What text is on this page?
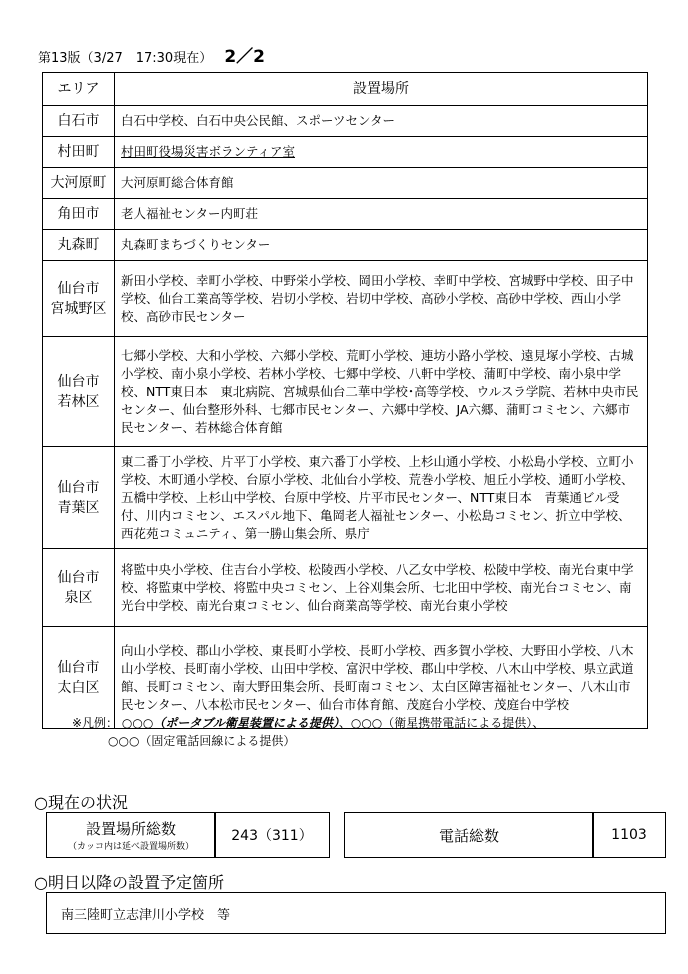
第13版（3/27　17:30現在） 2／2
エリア	設置場所
白石市	白石中学校、白石中央公民館、スポーツセンター
村田町	村田町役場災害ボランティア室
大河原町	大河原町総合体育館
角田市	老人福祉センター内町荘
丸森町	丸森町まちづくりセンター
仙台市
宮城野区	新田小学校、幸町小学校、中野栄小学校、岡田小学校、幸町中学校、宮城野中学校、田子中学校、仙台工業高等学校、岩切小学校、岩切中学校、高砂小学校、高砂中学校、西山小学校、高砂市民センター
仙台市
若林区	七郷小学校、大和小学校、六郷小学校、荒町小学校、連坊小路小学校、遠見塚小学校、古城小学校、南小泉小学校、若林小学校、七郷中学校、八軒中学校、蒲町中学校、南小泉中学校、NTT東日本　東北病院、宮城県仙台二華中学校･高等学校、ウルスラ学院、若林中央市民センター、仙台整形外科、七郷市民センター、六郷中学校、JA六郷、蒲町コミセン、六郷市民センター、若林総合体育館
仙台市
青葉区	東二番丁小学校、片平丁小学校、東六番丁小学校、上杉山通小学校、小松島小学校、立町小学校、木町通小学校、台原小学校、北仙台小学校、荒巻小学校、旭丘小学校、通町小学校、五橋中学校、上杉山中学校、台原中学校、片平市民センター、NTT東日本　青葉通ビル受付、川内コミセン、エスパル地下、亀岡老人福祉センター、小松島コミセン、折立中学校、西花苑コミュニティ、第一勝山集会所、県庁
仙台市
泉区	将監中央小学校、住吉台小学校、松陵西小学校、八乙女中学校、松陵中学校、南光台東中学校、将監東中学校、将監中央コミセン、上谷刈集会所、七北田中学校、南光台コミセン、南光台中学校、南光台東コミセン、仙台商業高等学校、南光台東小学校
仙台市
太白区	向山小学校、郡山小学校、東長町小学校、長町小学校、西多賀小学校、大野田小学校、八木山小学校、長町南小学校、山田中学校、富沢中学校、郡山中学校、八木山中学校、県立武道館、長町コミセン、南大野田集会所、長町南コミセン、太白区障害福祉センター、八木山市民センター、八本松市民センター、仙台市体育館、茂庭台小学校、茂庭台中学校
※凡例： ○○○（ポータブル衛星装置による提供）、○○○（衛星携帯電話による提供）、
○○○（固定電話回線による提供）
○現在の状況
設置場所総数
（カッコ内は延べ設置場所数）
243（311）	電話総数	1103
○明日以降の設置予定箇所
南三陸町立志津川小学校　等
